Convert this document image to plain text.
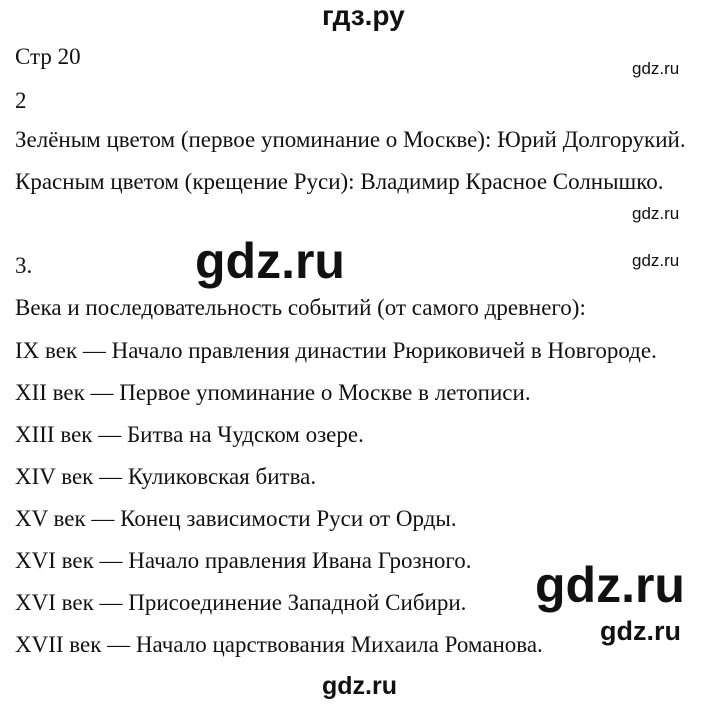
гдз.ру
Стр 20	gdz.ru
2
Зелёным цветом (первое упоминание о Москве): Юрий Долгорукий.
Красным цветом (крещение Руси): Владимир Красное Солнышко.
gdz.ru
3.	gdz.ru	gdz.ru
Века и последовательность событий (от самого древнего):
IX век — Начало правления династии Рюриковичей в Новгороде.
XII век — Первое упоминание о Москве в летописи.
XIII век — Битва на Чудском озере.
XIV век — Куликовская битва.
XV век — Конец зависимости Руси от Орды.
XVI век — Начало правления Ивана Грозного. gdz.ru
XVI век — Присоединение Западной Сибири.
gdz.ru
XVII век — Начало царствования Михаила Романова.
gdz.ru
